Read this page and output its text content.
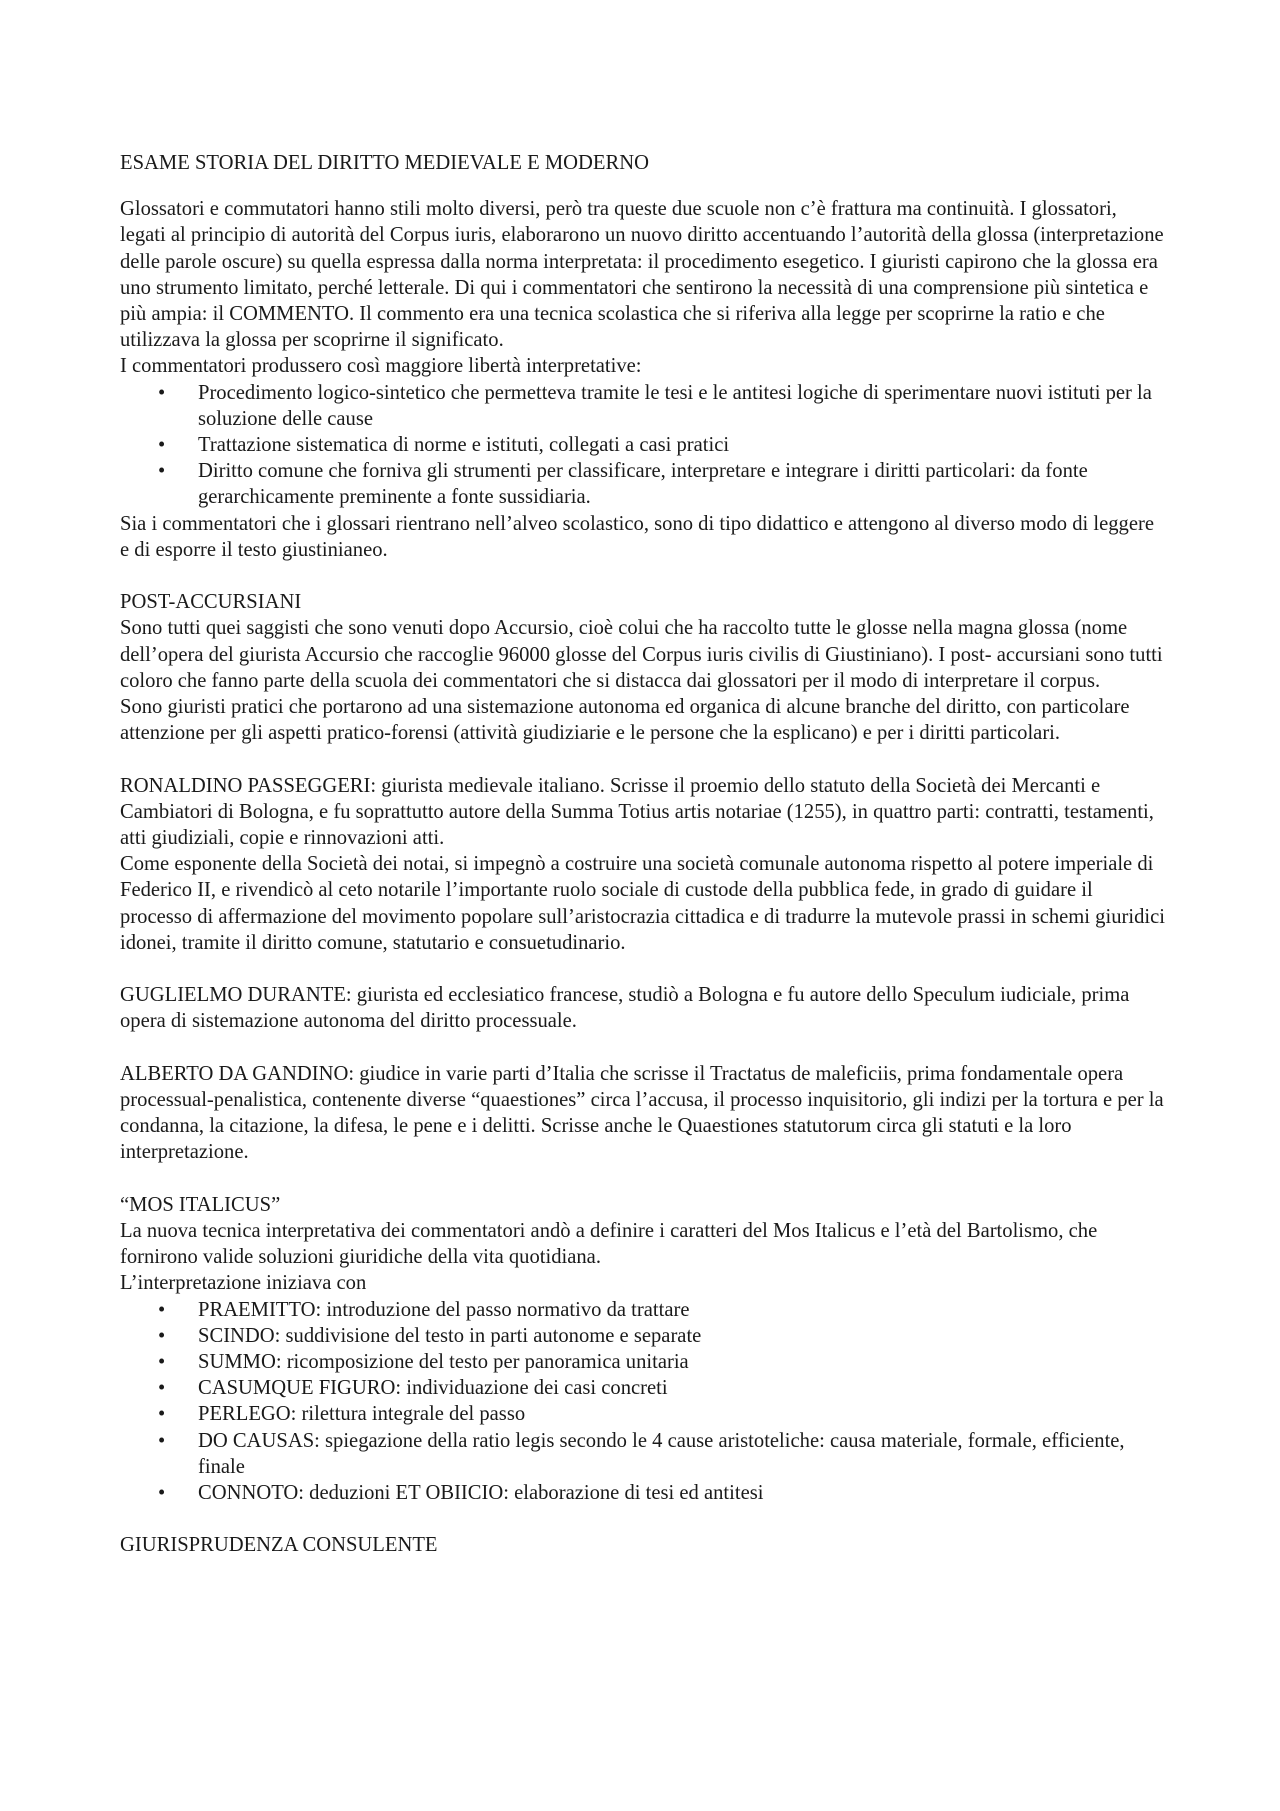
ESAME STORIA DEL DIRITTO MEDIEVALE E MODERNO

Glossatori e commutatori hanno stili molto diversi, però tra queste due scuole non c’è frattura ma continuità. I glossatori, legati al principio di autorità del Corpus iuris, elaborarono un nuovo diritto accentuando l’autorità della glossa (interpretazione delle parole oscure) su quella espressa dalla norma interpretata: il procedimento esegetico. I giuristi capirono che la glossa era uno strumento limitato, perché letterale. Di qui i commentatori che sentirono la necessità di una comprensione più sintetica e più ampia: il COMMENTO. Il commento era una tecnica scolastica che si riferiva alla legge per scoprirne la ratio e che utilizzava la glossa per scoprirne il significato.

I commentatori produssero così maggiore libertà interpretative:

• Procedimento logico-sintetico che permetteva tramite le tesi e le antitesi logiche di sperimentare nuovi istituti per la soluzione delle cause
• Trattazione sistematica di norme e istituti, collegati a casi pratici
• Diritto comune che forniva gli strumenti per classificare, interpretare e integrare i diritti particolari: da fonte gerarchicamente preminente a fonte sussidiaria.

Sia i commentatori che i glossari rientrano nell’alveo scolastico, sono di tipo didattico e attengono al diverso modo di leggere e di esporre il testo giustinianeo.

POST-ACCURSIANI

Sono tutti quei saggisti che sono venuti dopo Accursio, cioè colui che ha raccolto tutte le glosse nella magna glossa (nome dell’opera del giurista Accursio che raccoglie 96000 glosse del Corpus iuris civilis di Giustiniano). I post- accursiani sono tutti coloro che fanno parte della scuola dei commentatori che si distacca dai glossatori per il modo di interpretare il corpus.

Sono giuristi pratici che portarono ad una sistemazione autonoma ed organica di alcune branche del diritto, con particolare attenzione per gli aspetti pratico-forensi (attività giudiziarie e le persone che la esplicano) e per i diritti particolari.

RONALDINO PASSEGGERI: giurista medievale italiano. Scrisse il proemio dello statuto della Società dei Mercanti e Cambiatori di Bologna, e fu soprattutto autore della Summa Totius artis notariae (1255), in quattro parti: contratti, testamenti, atti giudiziali, copie e rinnovazioni atti.

Come esponente della Società dei notai, si impegnò a costruire una società comunale autonoma rispetto al potere imperiale di Federico II, e rivendicò al ceto notarile l’importante ruolo sociale di custode della pubblica fede, in grado di guidare il processo di affermazione del movimento popolare sull’aristocrazia cittadica e di tradurre la mutevole prassi in schemi giuridici idonei, tramite il diritto comune, statutario e consuetudinario.

GUGLIELMO DURANTE: giurista ed ecclesiatico francese, studiò a Bologna e fu autore dello Speculum iudiciale, prima opera di sistemazione autonoma del diritto processuale.

ALBERTO DA GANDINO: giudice in varie parti d’Italia che scrisse il Tractatus de maleficiis, prima fondamentale opera processual-penalistica, contenente diverse “quaestiones” circa l’accusa, il processo inquisitorio, gli indizi per la tortura e per la condanna, la citazione, la difesa, le pene e i delitti. Scrisse anche le Quaestiones statutorum circa gli statuti e la loro interpretazione.

“MOS ITALICUS”

La nuova tecnica interpretativa dei commentatori andò a definire i caratteri del Mos Italicus e l’età del Bartolismo, che fornirono valide soluzioni giuridiche della vita quotidiana.

L’interpretazione iniziava con

• PRAEMITTO: introduzione del passo normativo da trattare
• SCINDO: suddivisione del testo in parti autonome e separate
• SUMMO: ricomposizione del testo per panoramica unitaria
• CASUMQUE FIGURO: individuazione dei casi concreti
• PERLEGO: rilettura integrale del passo
• DO CAUSAS: spiegazione della ratio legis secondo le 4 cause aristoteliche: causa materiale, formale, efficiente, finale
• CONNOTO: deduzioni ET OBIICIO: elaborazione di tesi ed antitesi

GIURISPRUDENZA CONSULENTE
